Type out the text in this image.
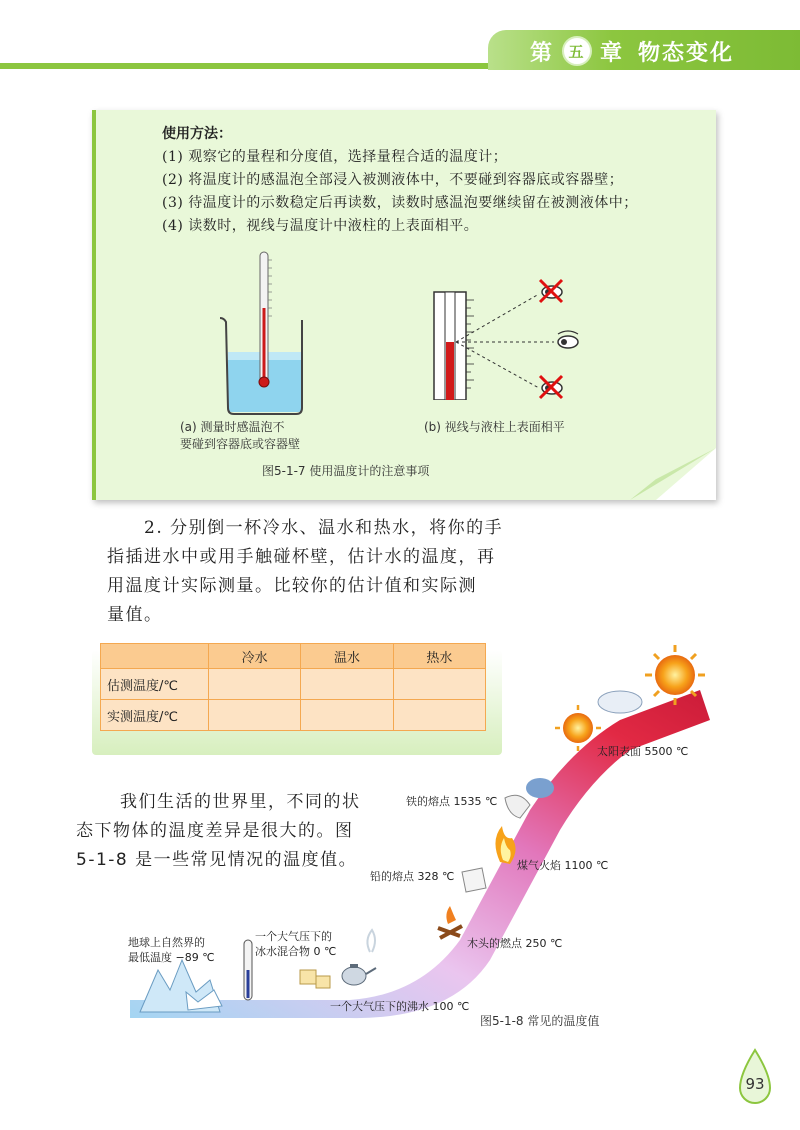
第 五 章 物态变化
使用方法：
(1) 观察它的量程和分度值，选择量程合适的温度计；
(2) 将温度计的感温泡全部浸入被测液体中，不要碰到容器底或容器壁；
(3) 待温度计的示数稳定后再读数，读数时感温泡要继续留在被测液体中；
(4) 读数时，视线与温度计中液柱的上表面相平。
(a) 测量时感温泡不
要碰到容器底或容器壁
(b) 视线与液柱上表面相平
图5-1-7 使用温度计的注意事项
2. 分别倒一杯冷水、温水和热水，将你的手
指插进水中或用手触碰杯壁，估计水的温度，再
用温度计实际测量。比较你的估计值和实际测
量值。
	冷水	温水	热水
估测温度/℃			
实测温度/℃			
我们生活的世界里，不同的状
态下物体的温度差异是很大的。图
5-1-8 是一些常见情况的温度值。
太阳表面 5500 ℃
铁的熔点 1535 ℃
煤气火焰 1100 ℃
铅的熔点 328 ℃
木头的燃点 250 ℃
一个大气压下的
冰水混合物 0 ℃
地球上自然界的
最低温度 −89 ℃
一个大气压下的沸水 100 ℃
图5-1-8 常见的温度值
93
